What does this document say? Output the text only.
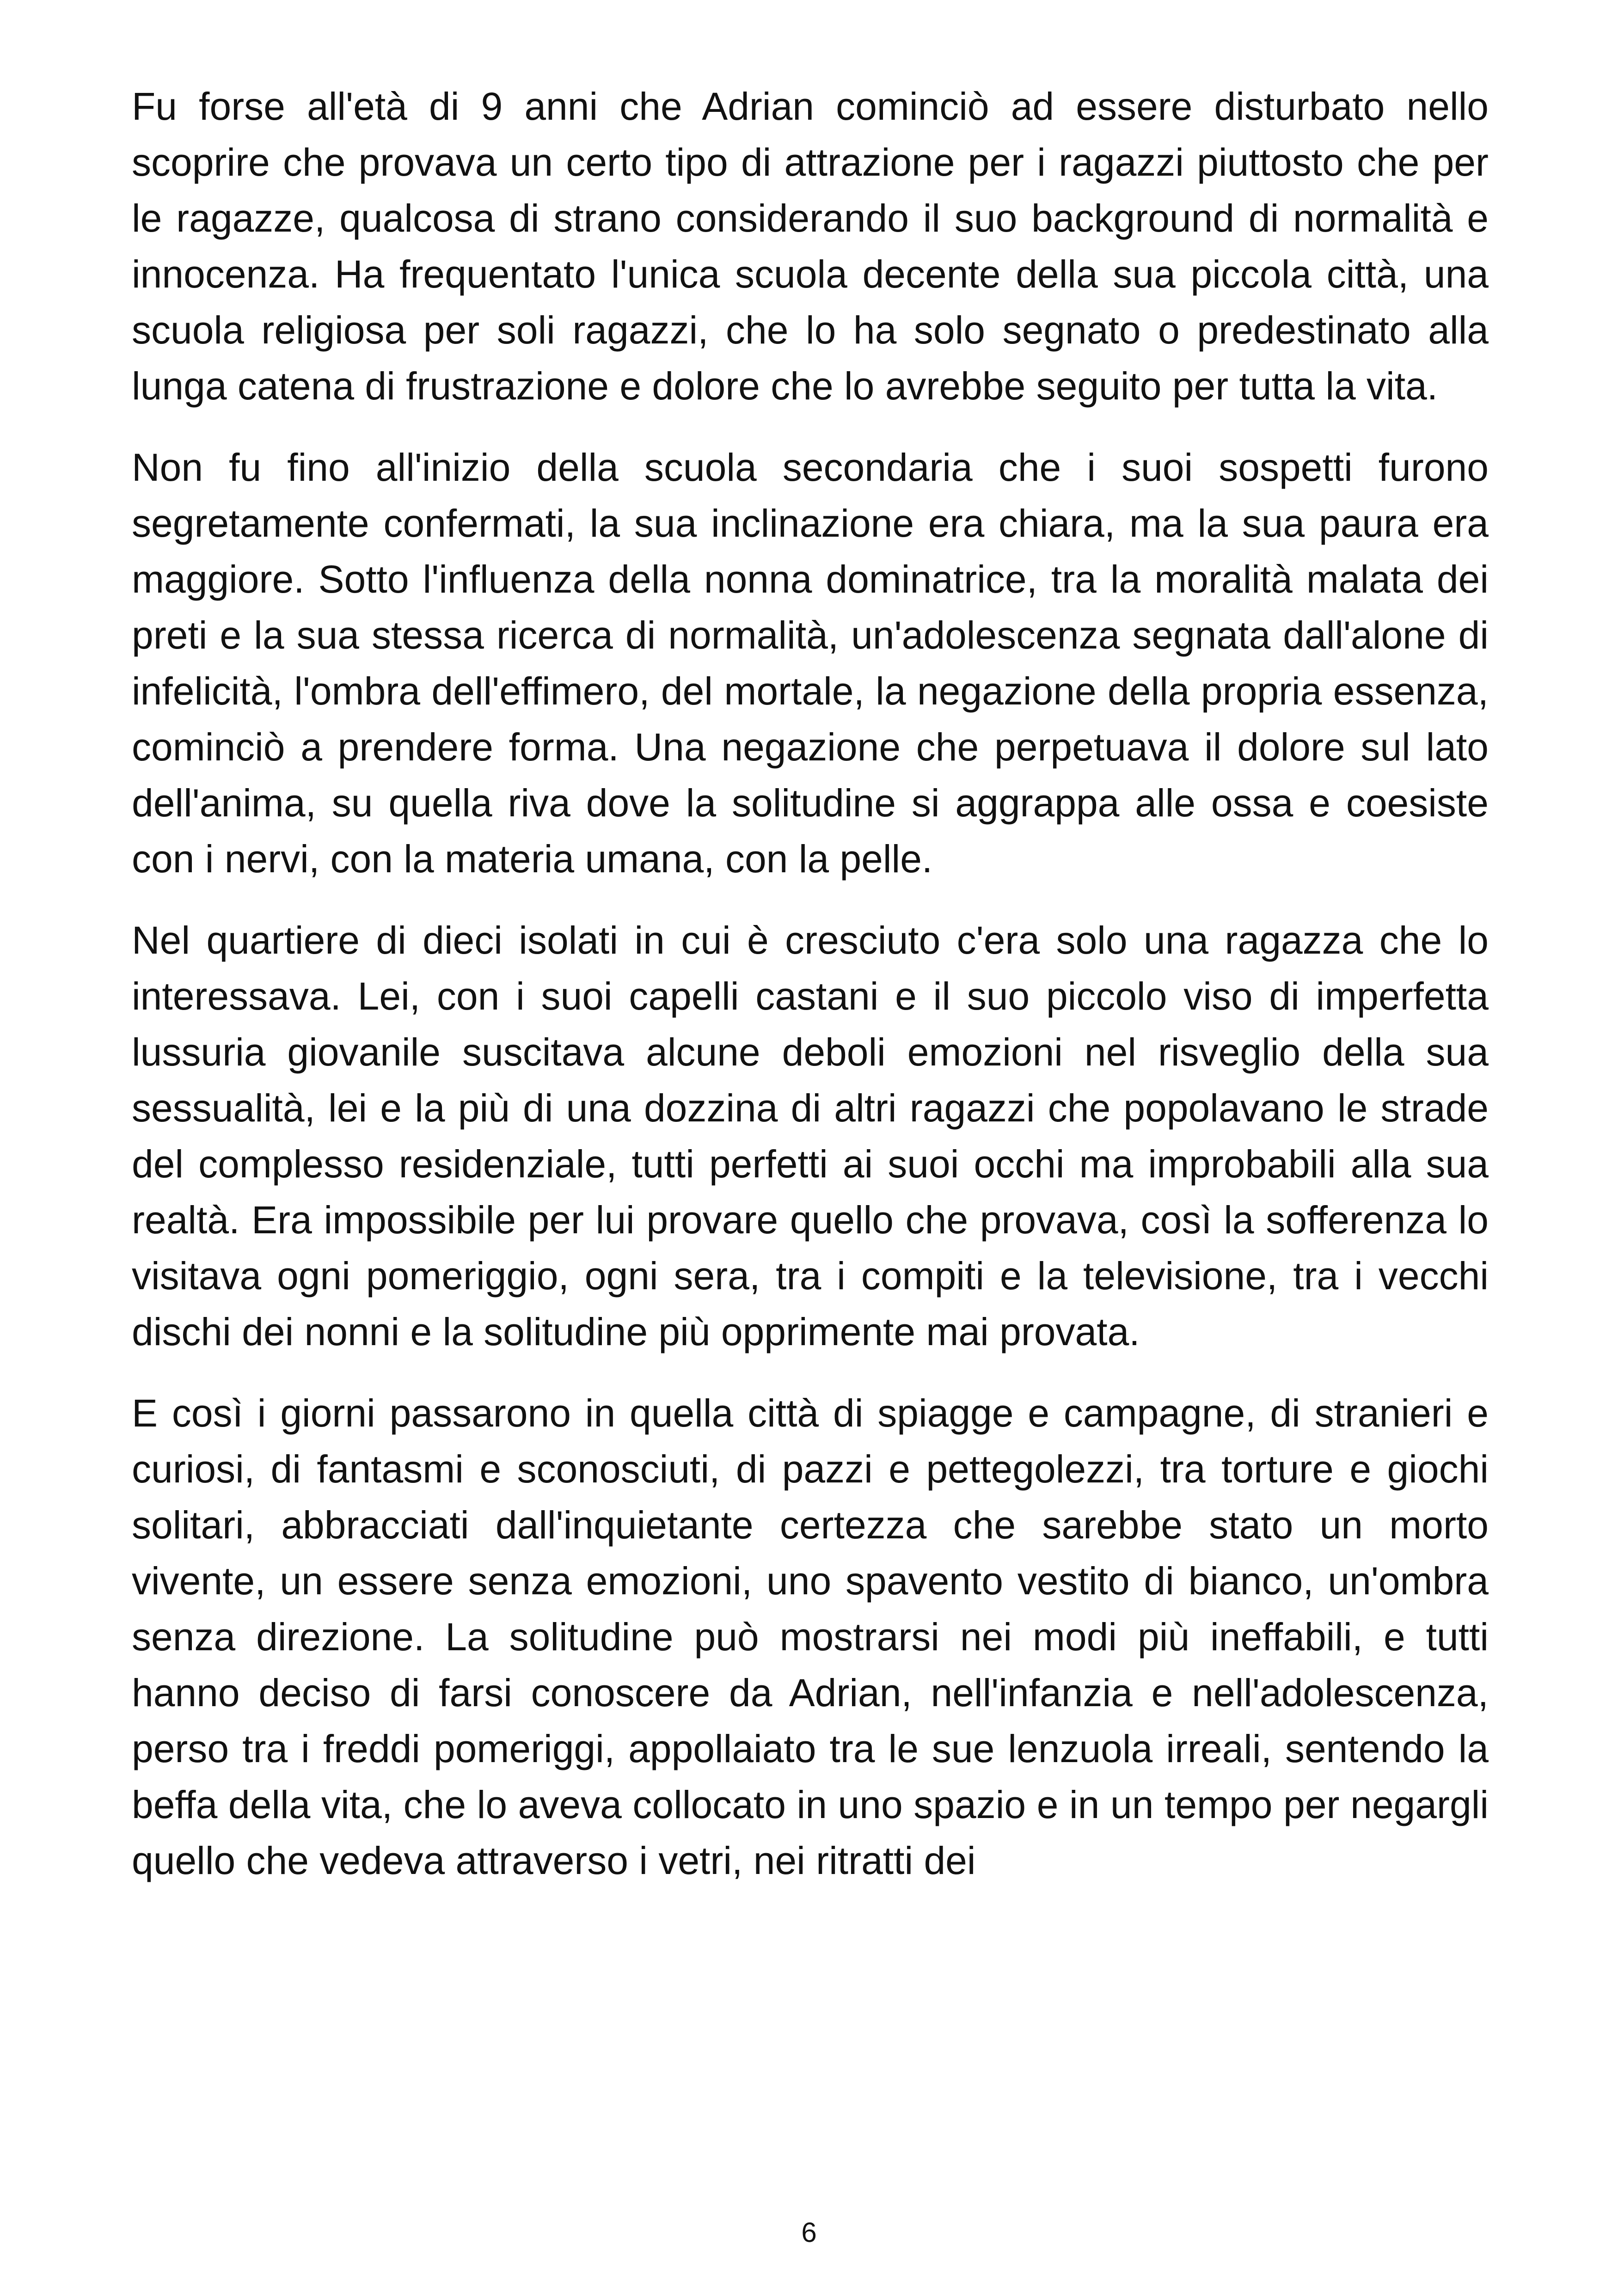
Fu forse all'età di 9 anni che Adrian cominciò ad essere disturbato nello scoprire che provava un certo tipo di attrazione per i ragazzi piuttosto che per le ragazze, qualcosa di strano considerando il suo background di normalità e innocenza. Ha frequentato l'unica scuola decente della sua piccola città, una scuola religiosa per soli ragazzi, che lo ha solo segnato o predestinato alla lunga catena di frustrazione e dolore che lo avrebbe seguito per tutta la vita.

Non fu fino all'inizio della scuola secondaria che i suoi sospetti furono segretamente confermati, la sua inclinazione era chiara, ma la sua paura era maggiore. Sotto l'influenza della nonna dominatrice, tra la moralità malata dei preti e la sua stessa ricerca di normalità, un'adolescenza segnata dall'alone di infelicità, l'ombra dell'effimero, del mortale, la negazione della propria essenza, cominciò a prendere forma. Una negazione che perpetuava il dolore sul lato dell'anima, su quella riva dove la solitudine si aggrappa alle ossa e coesiste con i nervi, con la materia umana, con la pelle.

Nel quartiere di dieci isolati in cui è cresciuto c'era solo una ragazza che lo interessava. Lei, con i suoi capelli castani e il suo piccolo viso di imperfetta lussuria giovanile suscitava alcune deboli emozioni nel risveglio della sua sessualità, lei e la più di una dozzina di altri ragazzi che popolavano le strade del complesso residenziale, tutti perfetti ai suoi occhi ma improbabili alla sua realtà. Era impossibile per lui provare quello che provava, così la sofferenza lo visitava ogni pomeriggio, ogni sera, tra i compiti e la televisione, tra i vecchi dischi dei nonni e la solitudine più opprimente mai provata.

E così i giorni passarono in quella città di spiagge e campagne, di stranieri e curiosi, di fantasmi e sconosciuti, di pazzi e pettegolezzi, tra torture e giochi solitari, abbracciati dall'inquietante certezza che sarebbe stato un morto vivente, un essere senza emozioni, uno spavento vestito di bianco, un'ombra senza direzione. La solitudine può mostrarsi nei modi più ineffabili, e tutti hanno deciso di farsi conoscere da Adrian, nell'infanzia e nell'adolescenza, perso tra i freddi pomeriggi, appollaiato tra le sue lenzuola irreali, sentendo la beffa della vita, che lo aveva collocato in uno spazio e in un tempo per negargli quello che vedeva attraverso i vetri, nei ritratti dei

6
